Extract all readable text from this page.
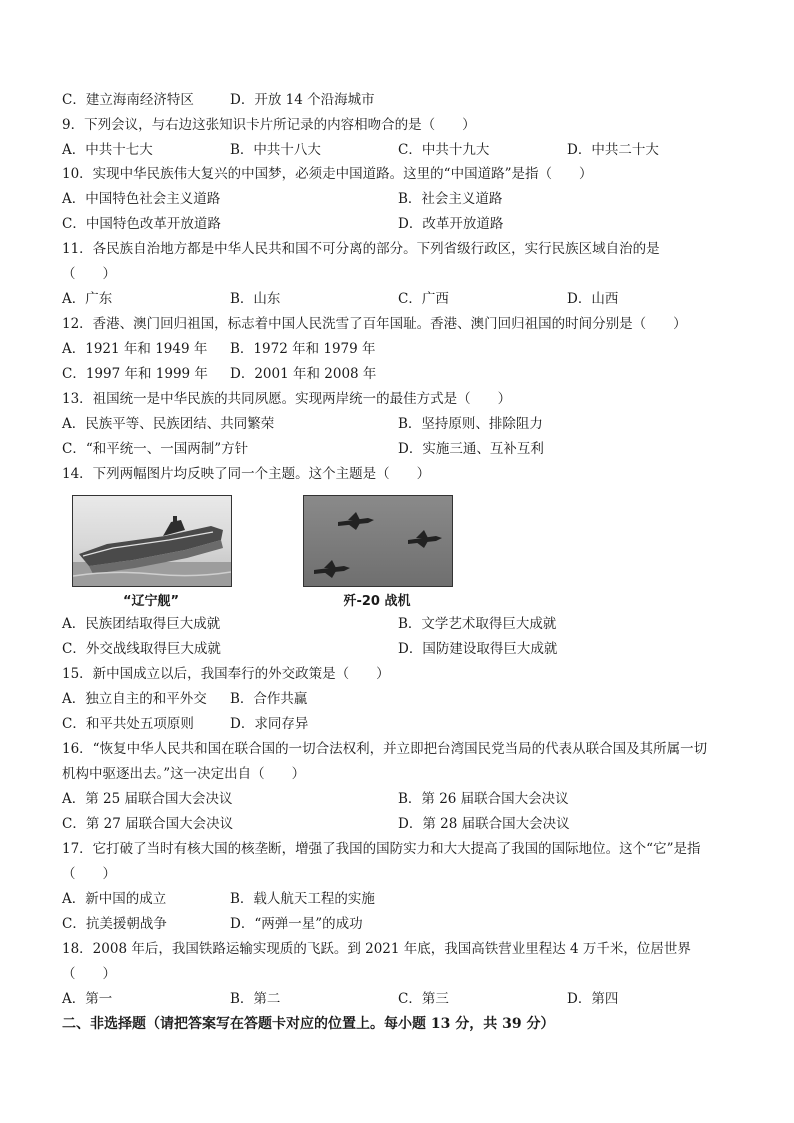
C．建立海南经济特区	D．开放 14 个沿海城市
9．下列会议，与右边这张知识卡片所记录的内容相吻合的是（　　）
A．中共十七大	B．中共十八大	C．中共十九大	D．中共二十大
10．实现中华民族伟大复兴的中国梦，必须走中国道路。这里的“中国道路”是指（　　）
A．中国特色社会主义道路	B．社会主义道路
C．中国特色改革开放道路	D．改革开放道路
11．各民族自治地方都是中华人民共和国不可分离的部分。下列省级行政区，实行民族区域自治的是
（　　）
A．广东	B．山东	C．广西	D．山西
12．香港、澳门回归祖国，标志着中国人民洗雪了百年国耻。香港、澳门回归祖国的时间分别是（　　）
A．1921 年和 1949 年 B．1972 年和 1979 年
C．1997 年和 1999 年 D．2001 年和 2008 年
13．祖国统一是中华民族的共同夙愿。实现两岸统一的最佳方式是（　　）
A．民族平等、民族团结、共同繁荣	B．坚持原则、排除阻力
C．“和平统一、一国两制”方针	D．实施三通、互补互利
14．下列两幅图片均反映了同一个主题。这个主题是（　　）
“辽宁舰”	歼-20 战机
A．民族团结取得巨大成就	B．文学艺术取得巨大成就
C．外交战线取得巨大成就	D．国防建设取得巨大成就
15．新中国成立以后，我国奉行的外交政策是（　　）
A．独立自主的和平外交 B．合作共赢
C．和平共处五项原则	D．求同存异
16．“恢复中华人民共和国在联合国的一切合法权利，并立即把台湾国民党当局的代表从联合国及其所属一切
机构中驱逐出去。”这一决定出自（　　）
A．第 25 届联合国大会决议	B．第 26 届联合国大会决议
C．第 27 届联合国大会决议	D．第 28 届联合国大会决议
17．它打破了当时有核大国的核垄断，增强了我国的国防实力和大大提高了我国的国际地位。这个“它”是指
（　　）
A．新中国的成立	B．载人航天工程的实施
C．抗美援朝战争	D．“两弹一星”的成功
18．2008 年后，我国铁路运输实现质的飞跃。到 2021 年底，我国高铁营业里程达 4 万千米，位居世界
（　　）
A．第一	B．第二	C．第三	D．第四
二、非选择题（请把答案写在答题卡对应的位置上。每小题 13 分，共 39 分）
